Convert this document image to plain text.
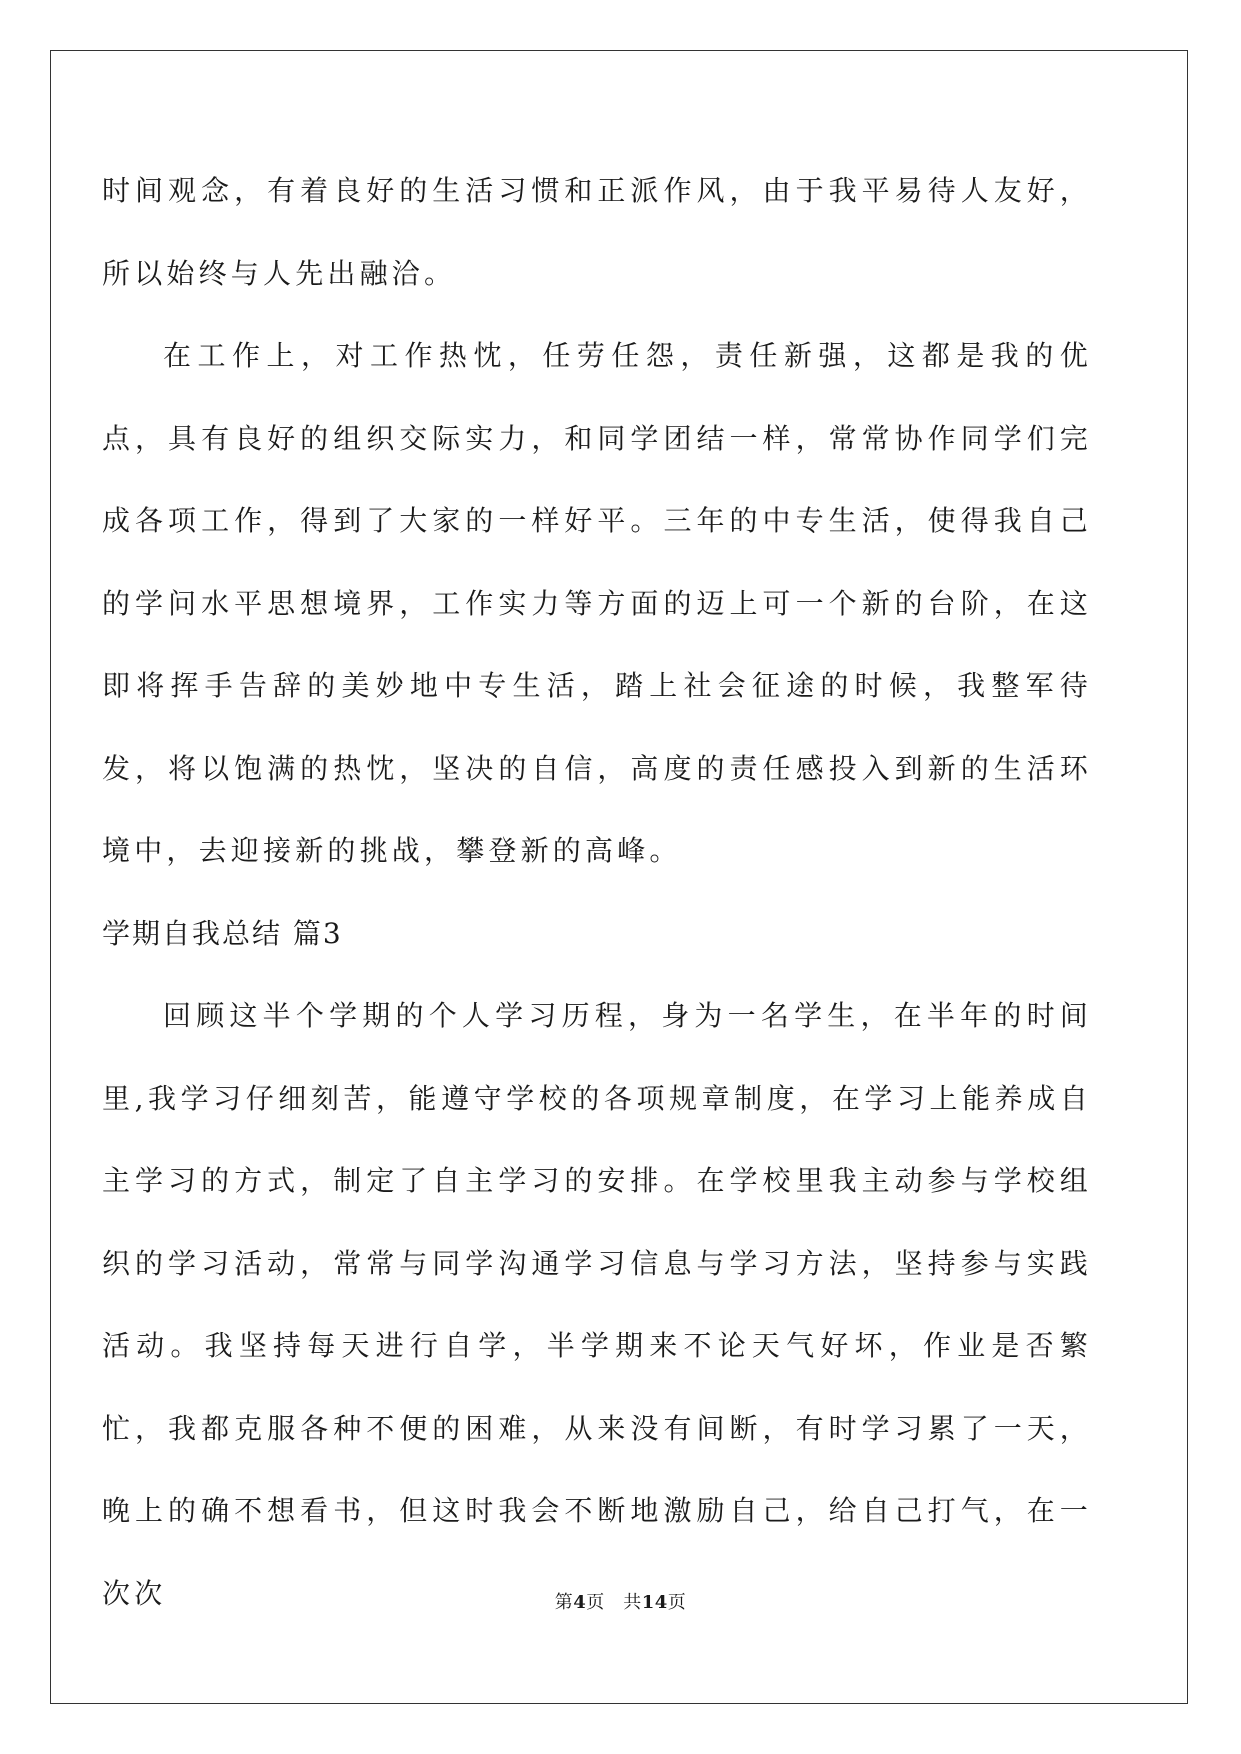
时间观念，有着良好的生活习惯和正派作风，由于我平易待人友好，所以始终与人先出融洽。

在工作上，对工作热忱，任劳任怨，责任新强，这都是我的优点，具有良好的组织交际实力，和同学团结一样，常常协作同学们完成各项工作，得到了大家的一样好平。三年的中专生活，使得我自己的学问水平思想境界，工作实力等方面的迈上可一个新的台阶，在这即将挥手告辞的美妙地中专生活，踏上社会征途的时候，我整军待发，将以饱满的热忱，坚决的自信，高度的责任感投入到新的生活环境中，去迎接新的挑战，攀登新的高峰。

学期自我总结 篇3

回顾这半个学期的个人学习历程，身为一名学生，在半年的时间里,我学习仔细刻苦，能遵守学校的各项规章制度，在学习上能养成自主学习的方式，制定了自主学习的安排。在学校里我主动参与学校组织的学习活动，常常与同学沟通学习信息与学习方法，坚持参与实践活动。我坚持每天进行自学，半学期来不论天气好坏，作业是否繁忙，我都克服各种不便的困难，从来没有间断，有时学习累了一天，晚上的确不想看书，但这时我会不断地激励自己，给自己打气，在一次次	第4页　共14页
